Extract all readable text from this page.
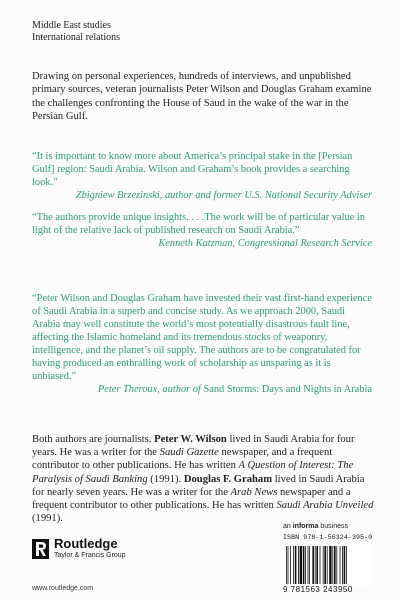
Middle East studies
International relations
Drawing on personal experiences, hundreds of interviews, and unpublished primary sources, veteran journalists Peter Wilson and Douglas Graham examine the challenges confronting the House of Saud in the wake of the war in the Persian Gulf.

“It is important to know more about America’s principal stake in the [Persian Gulf] region: Saudi Arabia. Wilson and Graham’s book provides a searching look.”

Zbigniew Brzezinski, author and former U.S. National Security Adviser

“The authors provide unique insights. . . .The work will be of particular value in light of the relative lack of published research on Saudi Arabia.”

Kenneth Katzman, Congressional Research Service

“Peter Wilson and Douglas Graham have invested their vast first-hand experience of Saudi Arabia in a superb and concise study. As we approach 2000, Saudi Arabia may well constitute the world’s most potentially disastrous fault line, affecting the Islamic homeland and its tremendous stocks of weaponry, intelligence, and the planet’s oil supply. The authors are to be congratulated for having produced an enthralling work of scholarship as unsparing as it is unbiased.”

Peter Theroux, author of Sand Storms: Days and Nights in Arabia

Both authors are journalists. Peter W. Wilson lived in Saudi Arabia for four years. He was a writer for the Saudi Gazette newspaper, and a frequent contributor to other publications. He has written A Question of Interest: The Paralysis of Saudi Banking (1991). Douglas F. Graham lived in Saudi Arabia for nearly seven years. He was a writer for the Arab News newspaper and a frequent contributor to other publications. He has written Saudi Arabia Unveiled (1991).
Routledge
Taylor & Francis Group
www.routledge.com
an informa business
ISBN 978-1-56324-395-0
9 781563 243950
